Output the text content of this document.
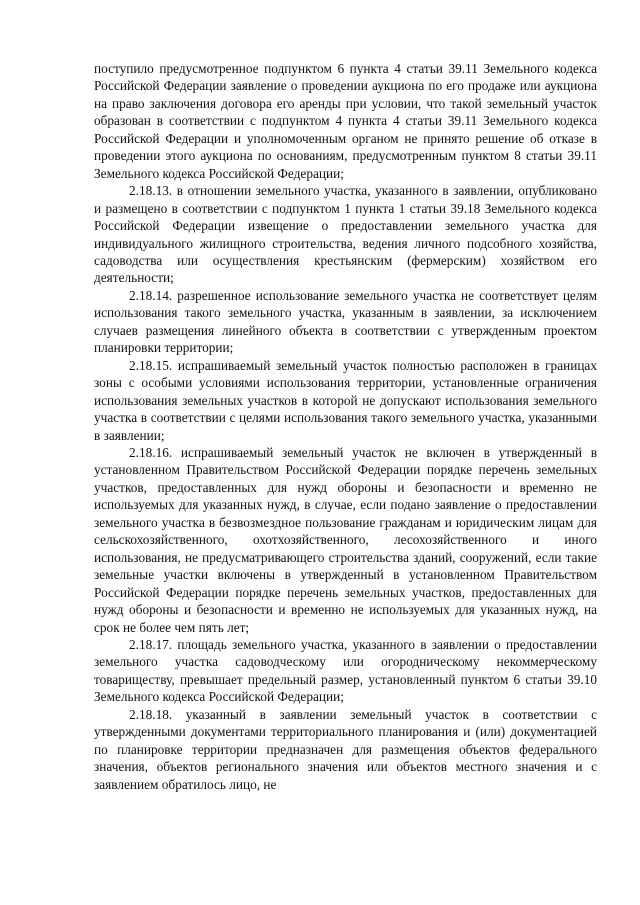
поступило предусмотренное подпунктом 6 пункта 4 статьи 39.11 Земельного кодекса Российской Федерации заявление о проведении аукциона по его продаже или аукциона на право заключения договора его аренды при условии, что такой земельный участок образован в соответствии с подпунктом 4 пункта 4 статьи 39.11 Земельного кодекса Российской Федерации и уполномоченным органом не принято решение об отказе в проведении этого аукциона по основаниям, предусмотренным пунктом 8 статьи 39.11 Земельного кодекса Российской Федерации;

2.18.13. в отношении земельного участка, указанного в заявлении, опубликовано и размещено в соответствии с подпунктом 1 пункта 1 статьи 39.18 Земельного кодекса Российской Федерации извещение о предоставлении земельного участка для индивидуального жилищного строительства, ведения личного подсобного хозяйства, садоводства или осуществления крестьянским (фермерским) хозяйством его деятельности;

2.18.14. разрешенное использование земельного участка не соответствует целям использования такого земельного участка, указанным в заявлении, за исключением случаев размещения линейного объекта в соответствии с утвержденным проектом планировки территории;

2.18.15. испрашиваемый земельный участок полностью расположен в границах зоны с особыми условиями использования территории, установленные ограничения использования земельных участков в которой не допускают использования земельного участка в соответствии с целями использования такого земельного участка, указанными в заявлении;

2.18.16. испрашиваемый земельный участок не включен в утвержденный в установленном Правительством Российской Федерации порядке перечень земельных участков, предоставленных для нужд обороны и безопасности и временно не используемых для указанных нужд, в случае, если подано заявление о предоставлении земельного участка в безвозмездное пользование гражданам и юридическим лицам для сельскохозяйственного, охотхозяйственного, лесохозяйственного и иного использования, не предусматривающего строительства зданий, сооружений, если такие земельные участки включены в утвержденный в установленном Правительством Российской Федерации порядке перечень земельных участков, предоставленных для нужд обороны и безопасности и временно не используемых для указанных нужд, на срок не более чем пять лет;

2.18.17. площадь земельного участка, указанного в заявлении о предоставлении земельного участка садоводческому или огородническому некоммерческому товариществу, превышает предельный размер, установленный пунктом 6 статьи 39.10 Земельного кодекса Российской Федерации;

2.18.18. указанный в заявлении земельный участок в соответствии с утвержденными документами территориального планирования и (или) документацией по планировке территории предназначен для размещения объектов федерального значения, объектов регионального значения или объектов местного значения и с заявлением обратилось лицо, не
